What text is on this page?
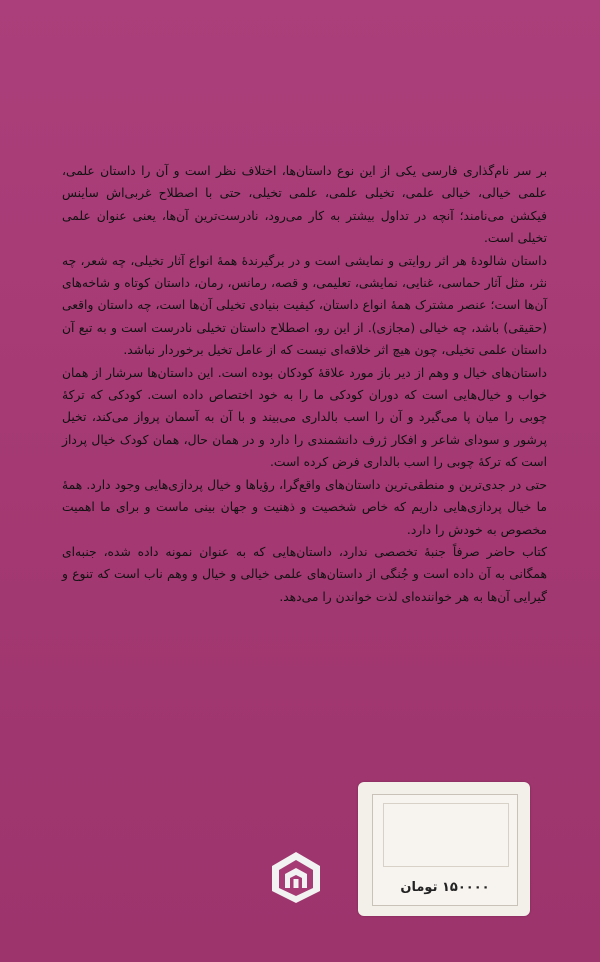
بر سر نام‌گذاری فارسی یکی از این نوع داستان‌ها، اختلاف نظر است و آن را داستان علمی، علمی خیالی، خیالی علمی، تخیلی علمی، علمی تخیلی، حتی با اصطلاح غربی‌اش ساینس فیکشن می‌نامند؛ آنچه در تداول بیشتر به کار می‌رود، نادرست‌ترین آن‌ها، یعنی عنوان علمی تخیلی است.

داستان شالودۀ هر اثر روایتی و نمایشی است و در برگیرندۀ همۀ انواع آثار تخیلی، چه شعر، چه نثر، مثل آثار حماسی، غنایی، نمایشی، تعلیمی، و قصه، رمانس، رمان، داستان کوتاه و شاخه‌های آن‌ها است؛ عنصر مشترک همۀ انواع داستان، کیفیت بنیادی تخیلی آن‌ها است، چه داستان واقعی (حقیقی) باشد، چه خیالی (مجازی). از این رو، اصطلاح داستان تخیلی نادرست است و به تبع آن داستان علمی تخیلی، چون هیچ اثر خلاقه‌ای نیست که از عامل تخیل برخوردار نباشد.

داستان‌های خیال و وهم از دیر باز مورد علاقۀ کودکان بوده است. این داستان‌ها سرشار از همان خواب و خیال‌هایی است که دوران کودکی ما را به خود اختصاص داده است. کودکی که ترکۀ چوبی را میان پا می‌گیرد و آن را اسب بالداری می‌بیند و با آن به آسمان پرواز می‌کند، تخیل پرشور و سودای شاعر و افکار ژرف دانشمندی را دارد و در همان حال، همان کودک خیال پرداز است که ترکۀ چوبی را اسب بالداری فرض کرده است.

حتی در جدی‌ترین و منطقی‌ترین داستان‌های واقع‌گرا، رؤیاها و خیال پردازی‌هایی وجود دارد. همۀ ما خیال پردازی‌هایی داریم که خاص شخصیت و ذهنیت و جهان بینی ماست و برای ما اهمیت مخصوص به خودش را دارد.

کتاب حاضر صرفاً جنبۀ تخصصی ندارد، داستان‌هایی که به عنوان نمونه داده شده، جنبه‌ای همگانی به آن داده است و جُنگی از داستان‌های علمی خیالی و خیال و وهم ناب است که تنوع و گیرایی آن‌ها به هر خواننده‌ای لذت خواندن را می‌دهد.

۱۵۰۰۰۰ تومان
